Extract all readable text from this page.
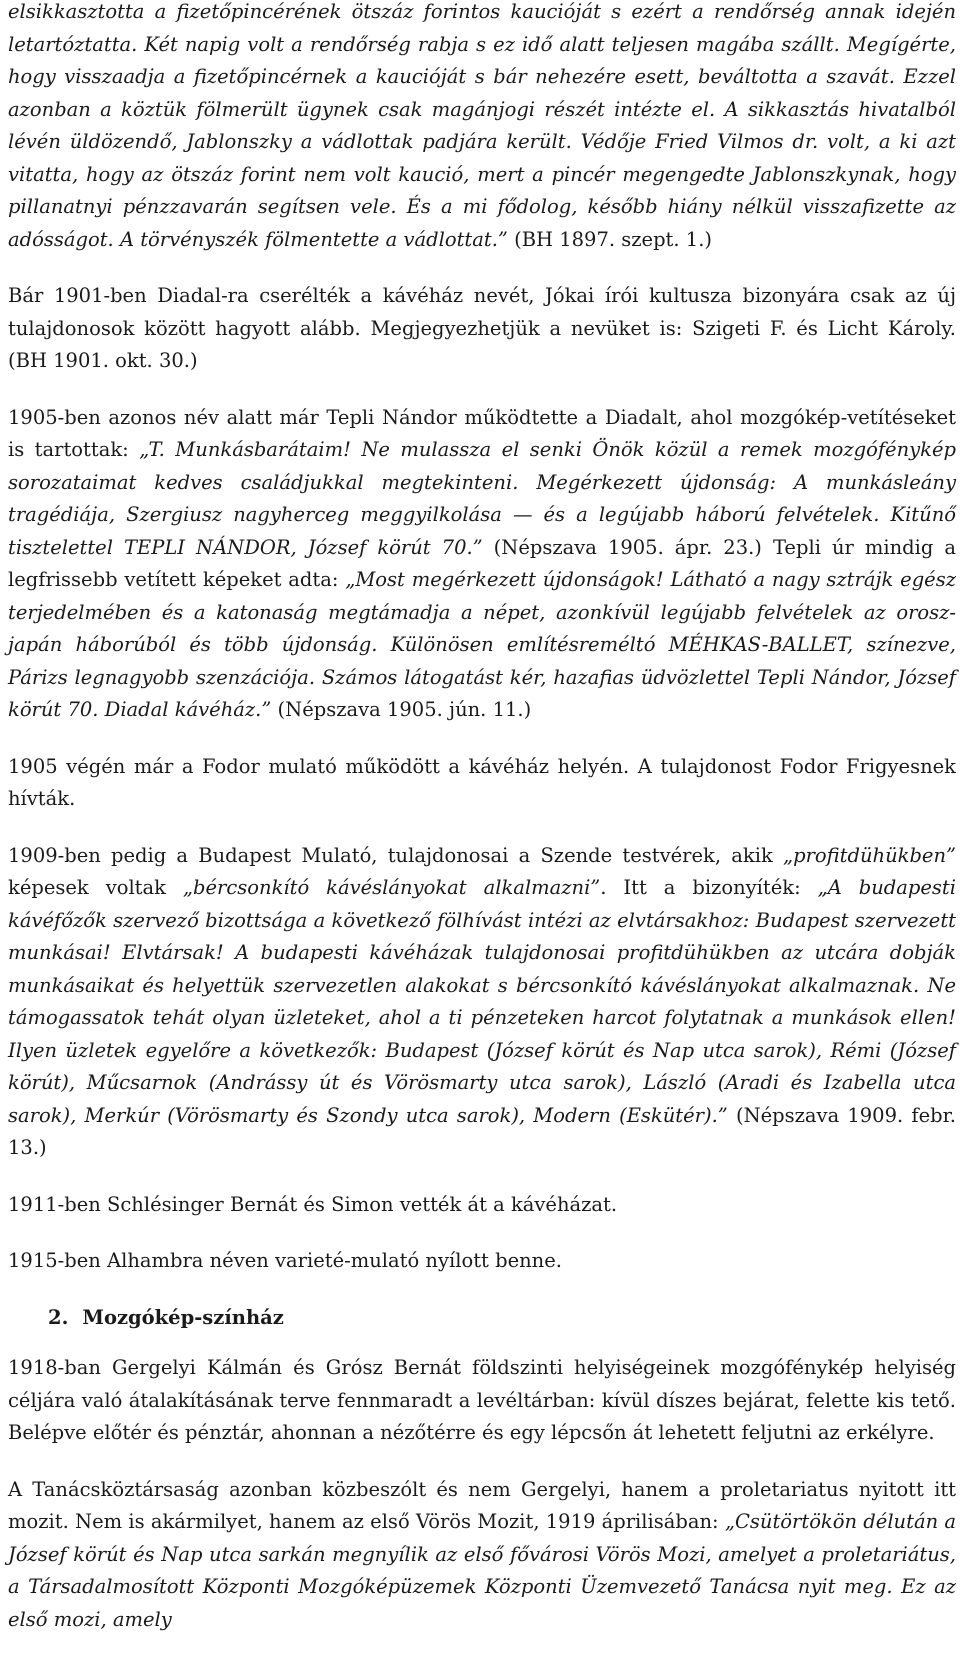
elsikkasztotta a fizetőpincérének ötszáz forintos kaucióját s ezért a rendőrség annak idején letartóztatta. Két napig volt a rendőrség rabja s ez idő alatt teljesen magába szállt. Megígérte, hogy visszaadja a fizetőpincérnek a kaucióját s bár nehezére esett, beváltotta a szavát. Ezzel azonban a köztük fölmerült ügynek csak magánjogi részét intézte el. A sikkasztás hivatalból lévén üldözendő, Jablonszky a vádlottak padjára került. Védője Fried Vilmos dr. volt, a ki azt vitatta, hogy az ötszáz forint nem volt kaució, mert a pincér megengedte Jablonszkynak, hogy pillanatnyi pénzzavarán segítsen vele. És a mi fődolog, később hiány nélkül visszafizette az adósságot. A törvényszék fölmentette a vádlottat.” (BH 1897. szept. 1.)

Bár 1901-ben Diadal-ra cserélték a kávéház nevét, Jókai írói kultusza bizonyára csak az új tulajdonosok között hagyott alább. Megjegyezhetjük a nevüket is: Szigeti F. és Licht Károly. (BH 1901. okt. 30.)

1905-ben azonos név alatt már Tepli Nándor működtette a Diadalt, ahol mozgókép-vetítéseket is tartottak: „T. Munkásbarátaim! Ne mulassza el senki Önök közül a remek mozgófénykép sorozataimat kedves családjukkal megtekinteni. Megérkezett újdonság: A munkásleány tragédiája, Szergiusz nagyherceg meggyilkolása — és a legújabb háború felvételek. Kitűnő tisztelettel TEPLI NÁNDOR, József körút 70.” (Népszava 1905. ápr. 23.) Tepli úr mindig a legfrissebb vetített képeket adta: „Most megérkezett újdonságok! Látható a nagy sztrájk egész terjedelmében és a katonaság megtámadja a népet, azonkívül legújabb felvételek az orosz-japán háborúból és több újdonság. Különösen említésreméltó MÉHKAS-BALLET, színezve, Párizs legnagyobb szenzációja. Számos látogatást kér, hazafias üdvözlettel Tepli Nándor, József körút 70. Diadal kávéház.” (Népszava 1905. jún. 11.)

1905 végén már a Fodor mulató működött a kávéház helyén. A tulajdonost Fodor Frigyesnek hívták.

1909-ben pedig a Budapest Mulató, tulajdonosai a Szende testvérek, akik „profitdühükben” képesek voltak „bércsonkító kávéslányokat alkalmazni”. Itt a bizonyíték: „A budapesti kávéfőzők szervező bizottsága a következő fölhívást intézi az elvtársakhoz: Budapest szervezett munkásai! Elvtársak! A budapesti kávéházak tulajdonosai profitdühükben az utcára dobják munkásaikat és helyettük szervezetlen alakokat s bércsonkító kávéslányokat alkalmaznak. Ne támogassatok tehát olyan üzleteket, ahol a ti pénzeteken harcot folytatnak a munkások ellen! Ilyen üzletek egyelőre a következők: Budapest (József körút és Nap utca sarok), Rémi (József körút), Műcsarnok (Andrássy út és Vörösmarty utca sarok), László (Aradi és Izabella utca sarok), Merkúr (Vörösmarty és Szondy utca sarok), Modern (Eskütér).” (Népszava 1909. febr. 13.)

1911-ben Schlésinger Bernát és Simon vették át a kávéházat.

1915-ben Alhambra néven varieté-mulató nyílott benne.

2. Mozgókép-színház

1918-ban Gergelyi Kálmán és Grósz Bernát földszinti helyiségeinek mozgófénykép helyiség céljára való átalakításának terve fennmaradt a levéltárban: kívül díszes bejárat, felette kis tető. Belépve előtér és pénztár, ahonnan a nézőtérre és egy lépcsőn át lehetett feljutni az erkélyre.

A Tanácsköztársaság azonban közbeszólt és nem Gergelyi, hanem a proletariatus nyitott itt mozit. Nem is akármilyet, hanem az első Vörös Mozit, 1919 áprilisában: „Csütörtökön délután a József körút és Nap utca sarkán megnyílik az első fővárosi Vörös Mozi, amelyet a proletariátus, a Társadalmosított Központi Mozgóképüzemek Központi Üzemvezető Tanácsa nyit meg. Ez az első mozi, amely
